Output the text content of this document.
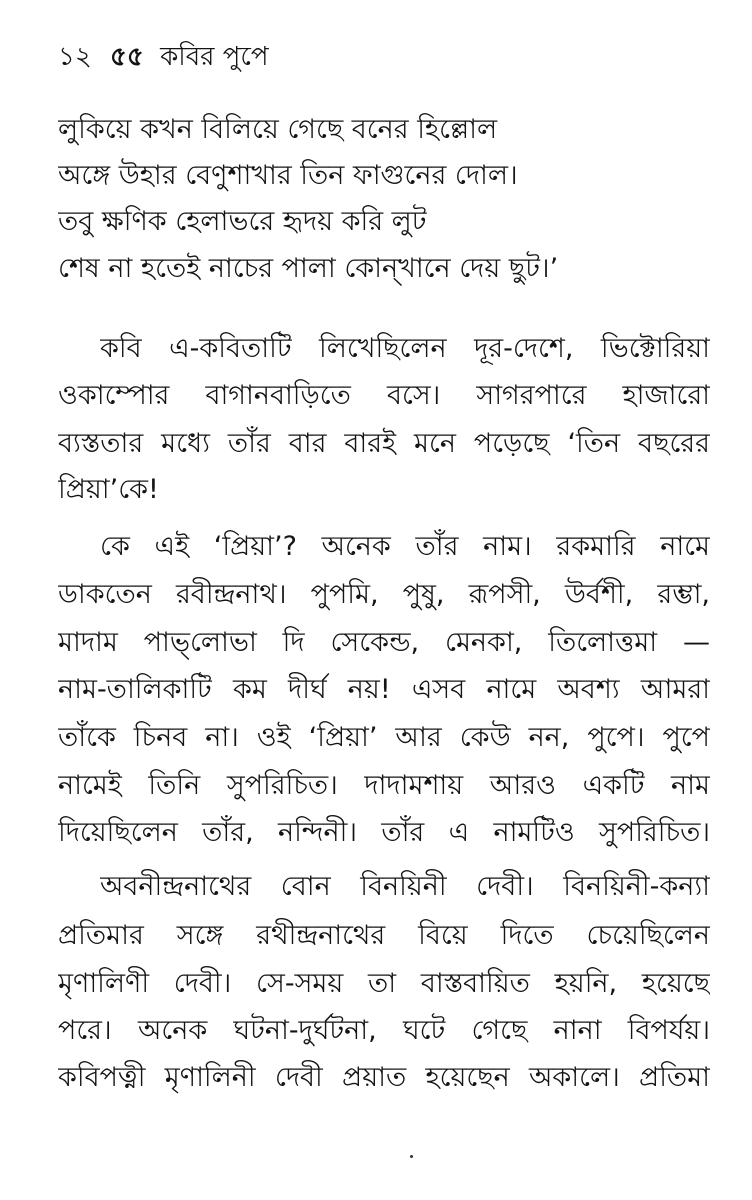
১২ ৫৫ কবির পুপে
লুকিয়ে কখন বিলিয়ে গেছে বনের হিল্লোল
অঙ্গে উহার বেণুশাখার তিন ফাগুনের দোল।
তবু ক্ষণিক হেলাভরে হৃদয় করি লুট
শেষ না হতেই নাচের পালা কোন্‌খানে দেয় ছুট।’
কবি এ-কবিতাটি লিখেছিলেন দূর-দেশে, ভিক্টোরিয়া
ওকাম্পোর বাগানবাড়িতে বসে। সাগরপারে হাজারো
ব্যস্ততার মধ্যে তাঁর বার বারই মনে পড়েছে ‘তিন বছরের
প্রিয়া’কে!
কে এই ‘প্রিয়া’? অনেক তাঁর নাম। রকমারি নামে
ডাকতেন রবীন্দ্রনাথ। পুপমি, পুষু, রূপসী, উর্বশী, রম্ভা,
মাদাম পাভ্‌লোভা দি সেকেন্ড, মেনকা, তিলোত্তমা —
নাম-তালিকাটি কম দীর্ঘ নয়! এসব নামে অবশ্য আমরা
তাঁকে চিনব না। ওই ‘প্রিয়া’ আর কেউ নন, পুপে। পুপে
নামেই তিনি সুপরিচিত। দাদামশায় আরও একটি নাম
দিয়েছিলেন তাঁর, নন্দিনী। তাঁর এ নামটিও সুপরিচিত।
অবনীন্দ্রনাথের বোন বিনয়িনী দেবী। বিনয়িনী-কন্যা
প্রতিমার সঙ্গে রথীন্দ্রনাথের বিয়ে দিতে চেয়েছিলেন
মৃণালিণী দেবী। সে-সময় তা বাস্তবায়িত হয়নি, হয়েছে
পরে। অনেক ঘটনা-দুর্ঘটনা, ঘটে গেছে নানা বিপর্যয়।
কবিপত্নী মৃণালিনী দেবী প্রয়াত হয়েছেন অকালে। প্রতিমা
